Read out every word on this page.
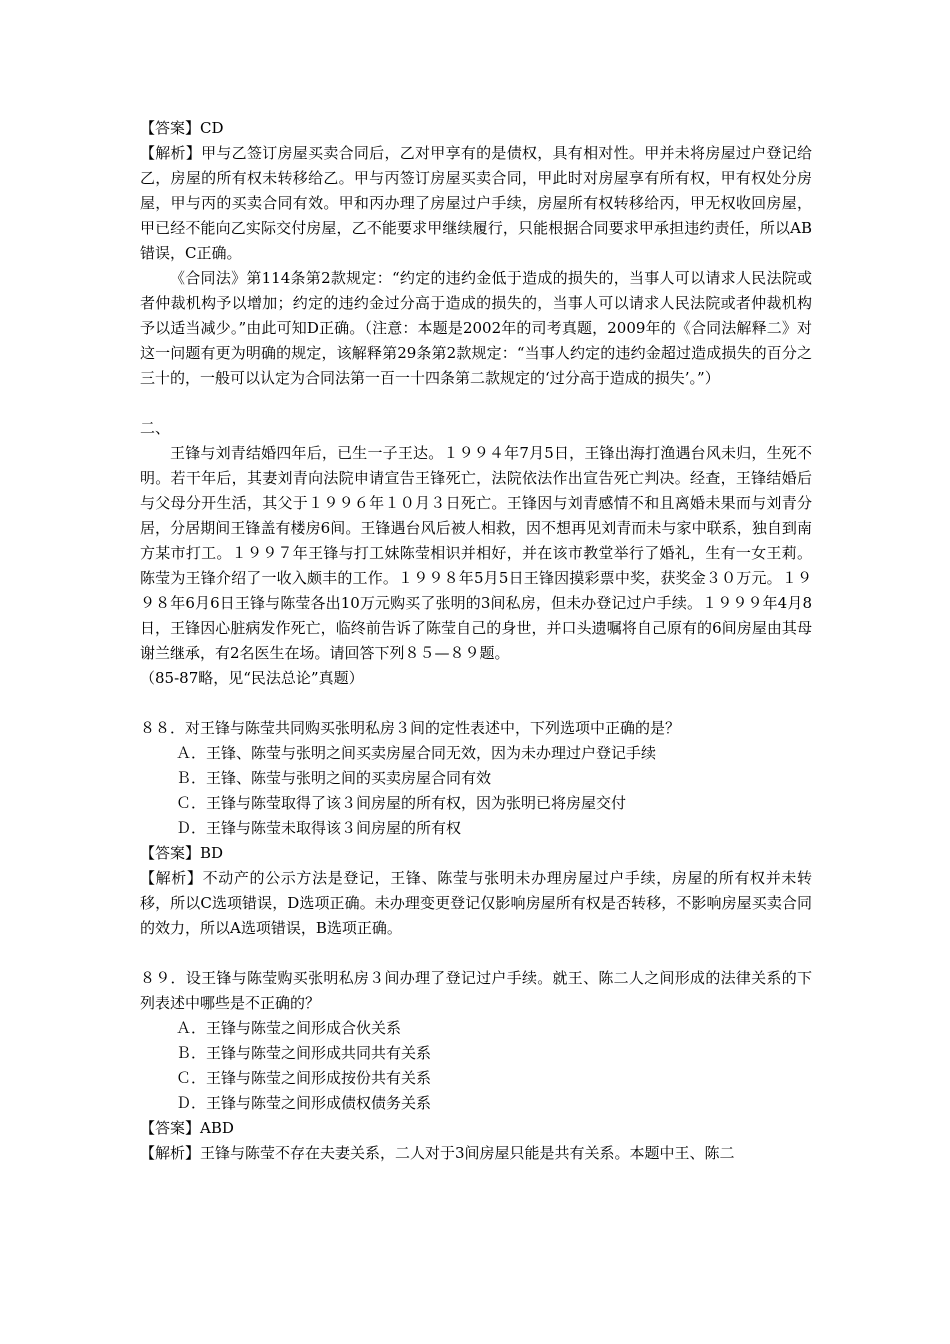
【答案】CD

【解析】甲与乙签订房屋买卖合同后，乙对甲享有的是债权，具有相对性。甲并未将房屋过户登记给乙，房屋的所有权未转移给乙。甲与丙签订房屋买卖合同，甲此时对房屋享有所有权，甲有权处分房屋，甲与丙的买卖合同有效。甲和丙办理了房屋过户手续，房屋所有权转移给丙，甲无权收回房屋，甲已经不能向乙实际交付房屋，乙不能要求甲继续履行，只能根据合同要求甲承担违约责任，所以AB错误，C正确。

《合同法》第114条第2款规定：“约定的违约金低于造成的损失的，当事人可以请求人民法院或者仲裁机构予以增加；约定的违约金过分高于造成的损失的，当事人可以请求人民法院或者仲裁机构予以适当减少。”由此可知D正确。（注意：本题是2002年的司考真题，2009年的《合同法解释二》对这一问题有更为明确的规定，该解释第29条第2款规定：“当事人约定的违约金超过造成损失的百分之三十的，一般可以认定为合同法第一百一十四条第二款规定的‘过分高于造成的损失’。”）

二、

王锋与刘青结婚四年后，已生一子王达。１９９４年7月5日，王锋出海打渔遇台风未归，生死不明。若干年后，其妻刘青向法院申请宣告王锋死亡，法院依法作出宣告死亡判决。经查，王锋结婚后与父母分开生活，其父于１９９６年１０月３日死亡。王锋因与刘青感情不和且离婚未果而与刘青分居，分居期间王锋盖有楼房6间。王锋遇台风后被人相救，因不想再见刘青而未与家中联系，独自到南方某市打工。１９９７年王锋与打工妹陈莹相识并相好，并在该市教堂举行了婚礼，生有一女王莉。陈莹为王锋介绍了一收入颇丰的工作。１９９８年5月5日王锋因摸彩票中奖，获奖金３０万元。１９９８年6月6日王锋与陈莹各出10万元购买了张明的3间私房，但未办登记过户手续。１９９９年4月8日，王锋因心脏病发作死亡，临终前告诉了陈莹自己的身世，并口头遗嘱将自己原有的6间房屋由其母谢兰继承，有2名医生在场。请回答下列８５—８９题。

（85-87略，见“民法总论”真题）

８８．对王锋与陈莹共同购买张明私房３间的定性表述中，下列选项中正确的是？

Ａ．王锋、陈莹与张明之间买卖房屋合同无效，因为未办理过户登记手续

Ｂ．王锋、陈莹与张明之间的买卖房屋合同有效

Ｃ．王锋与陈莹取得了该３间房屋的所有权，因为张明已将房屋交付

Ｄ．王锋与陈莹未取得该３间房屋的所有权

【答案】BD

【解析】不动产的公示方法是登记，王锋、陈莹与张明未办理房屋过户手续，房屋的所有权并未转移，所以C选项错误，D选项正确。未办理变更登记仅影响房屋所有权是否转移，不影响房屋买卖合同的效力，所以A选项错误，B选项正确。

８９．设王锋与陈莹购买张明私房３间办理了登记过户手续。就王、陈二人之间形成的法律关系的下列表述中哪些是不正确的？

Ａ．王锋与陈莹之间形成合伙关系

Ｂ．王锋与陈莹之间形成共同共有关系

Ｃ．王锋与陈莹之间形成按份共有关系

Ｄ．王锋与陈莹之间形成债权债务关系

【答案】ABD

【解析】王锋与陈莹不存在夫妻关系，二人对于3间房屋只能是共有关系。本题中王、陈二
